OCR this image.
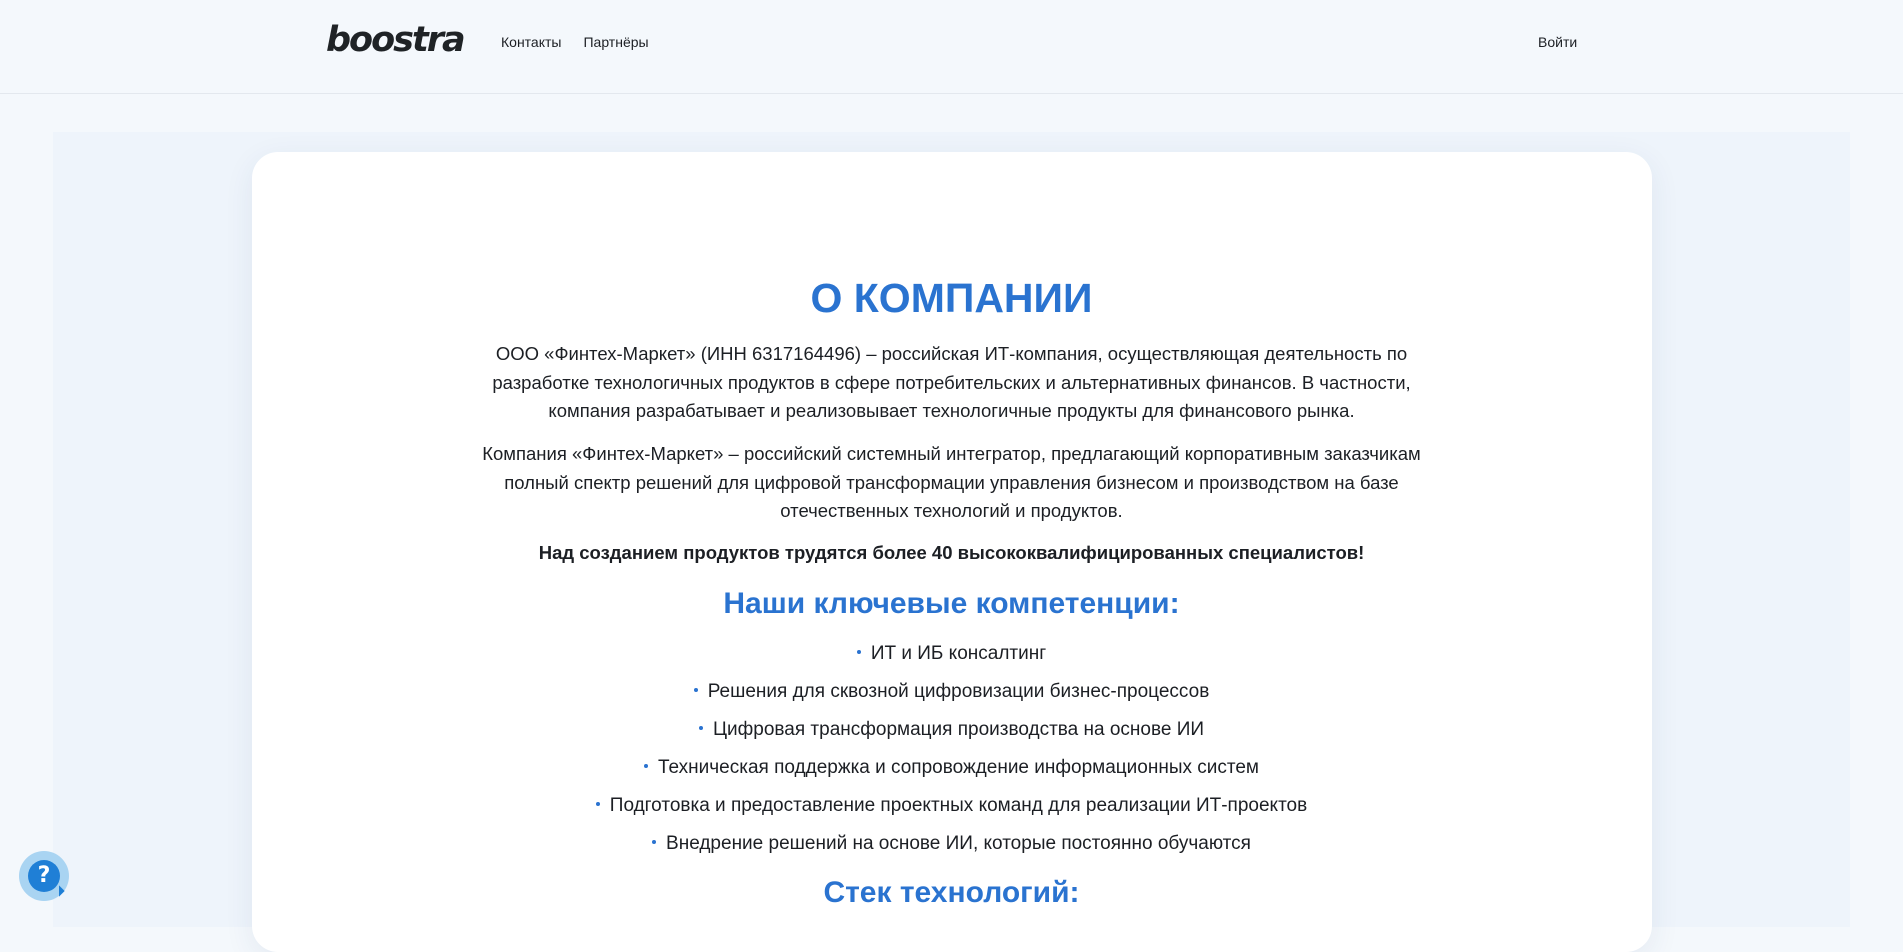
boostra	Контакты Партнёры	Войти
О КОМПАНИИ

ООО «Финтех-Маркет» (ИНН 6317164496) – российская ИТ-компания, осуществляющая деятельность по разработке технологичных продуктов в сфере потребительских и альтернативных финансов. В частности, компания разрабатывает и реализовывает технологичные продукты для финансового рынка.

Компания «Финтех-Маркет» – российский системный интегратор, предлагающий корпоративным заказчикам полный спектр решений для цифровой трансформации управления бизнесом и производством на базе отечественных технологий и продуктов.

Над созданием продуктов трудятся более 40 высококвалифицированных специалистов!

Наши ключевые компетенции:
ИТ и ИБ консалтинг
Решения для сквозной цифровизации бизнес-процессов
Цифровая трансформация производства на основе ИИ
Техническая поддержка и сопровождение информационных систем
Подготовка и предоставление проектных команд для реализации ИТ-проектов
Внедрение решений на основе ИИ, которые постоянно обучаются
Стек технологий:
?
